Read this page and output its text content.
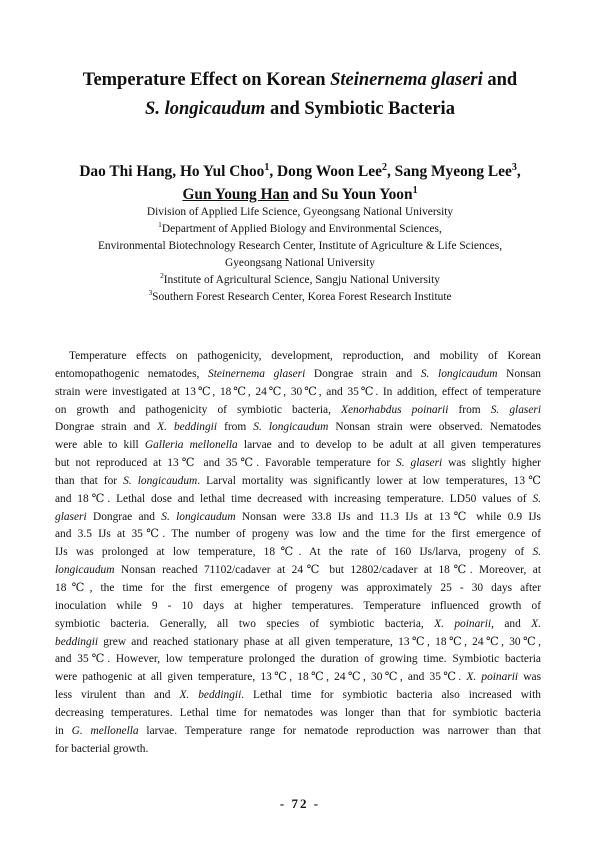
Temperature Effect on Korean Steinernema glaseri and
S. longicaudum and Symbiotic Bacteria
Dao Thi Hang, Ho Yul Choo$^1$, Dong Woon Lee$^2$, Sang Myeong Lee$^3$,
Gun Young Han and Su Youn Yoon$^1$
Division of Applied Life Science, Gyeongsang National University
$^1$Department of Applied Biology and Environmental Sciences,
Environmental Biotechnology Research Center, Institute of Agriculture & Life Sciences,
Gyeongsang National University
$^2$Institute of Agricultural Science, Sangju National University
$^3$Southern Forest Research Center, Korea Forest Research Institute
Temperature effects on pathogenicity, development, reproduction, and mobility of Korean
entomopathogenic nematodes, Steinernema glaseri Dongrae strain and S. longicaudum Nonsan
strain were investigated at 13℃, 18℃, 24℃, 30℃, and 35℃. In addition, effect of temperature
on growth and pathogenicity of symbiotic bacteria, Xenorhabdus poinarii from S. glaseri
Dongrae strain and X. beddingii from S. longicaudum Nonsan strain were observed. Nematodes
were able to kill Galleria mellonella larvae and to develop to be adult at all given temperatures
but not reproduced at 13℃ and 35℃. Favorable temperature for S. glaseri was slightly higher
than that for S. longicaudum. Larval mortality was significantly lower at low temperatures, 13℃
and 18℃. Lethal dose and lethal time decreased with increasing temperature. LD50 values of S.
glaseri Dongrae and S. longicaudum Nonsan were 33.8 IJs and 11.3 IJs at 13℃ while 0.9 IJs
and 3.5 IJs at 35℃. The number of progeny was low and the time for the first emergence of
IJs was prolonged at low temperature, 18℃. At the rate of 160 IJs/larva, progeny of S.
longicaudum Nonsan reached 71102/cadaver at 24℃ but 12802/cadaver at 18℃. Moreover, at
18℃, the time for the first emergence of progeny was approximately 25 - 30 days after
inoculation while 9 - 10 days at higher temperatures. Temperature influenced growth of
symbiotic bacteria. Generally, all two species of symbiotic bacteria, X. poinarii, and X.
beddingii grew and reached stationary phase at all given temperature, 13℃, 18℃, 24℃, 30℃,
and 35℃. However, low temperature prolonged the duration of growing time. Symbiotic bacteria
were pathogenic at all given temperature, 13℃, 18℃, 24℃, 30℃, and 35℃. X. poinarii was
less virulent than and X. beddingii. Lethal time for symbiotic bacteria also increased with
decreasing temperatures. Lethal time for nematodes was longer than that for symbiotic bacteria
in G. mellonella larvae. Temperature range for nematode reproduction was narrower than that
for bacterial growth.
- 72 -
